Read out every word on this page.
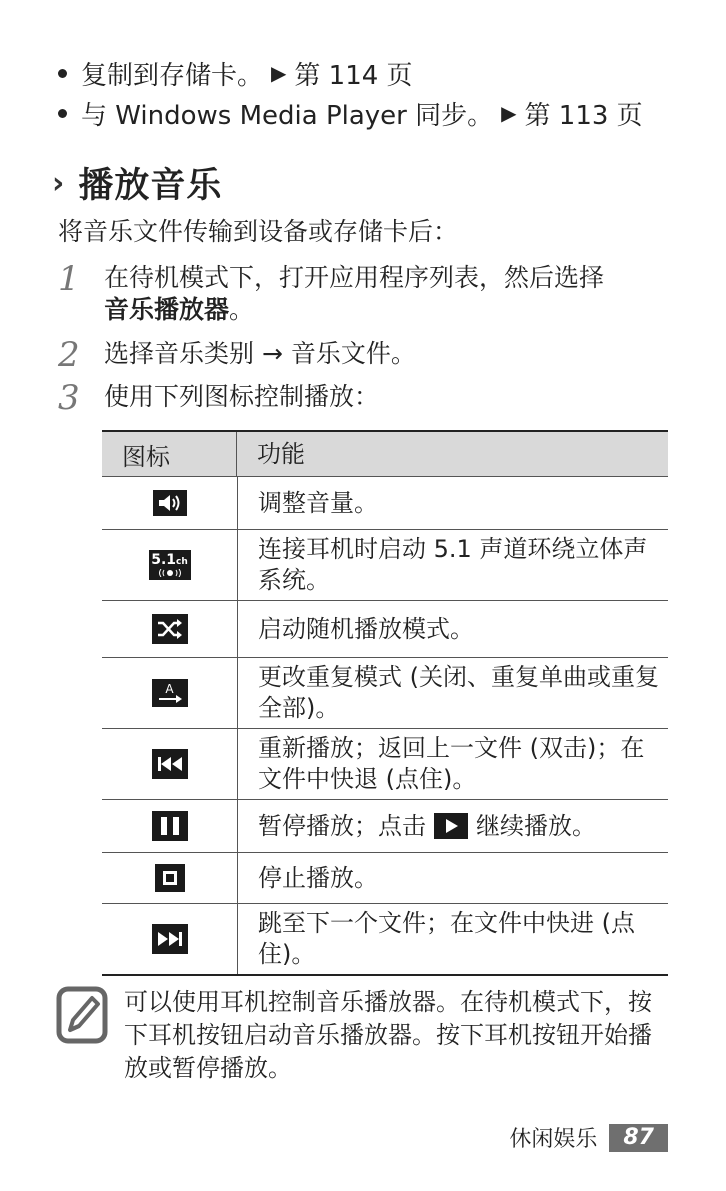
复制到存储卡。 ▶ 第 114 页
与 Windows Media Player 同步。 ▶ 第 113 页
› 播放音乐
将音乐文件传输到设备或存储卡后：
1 在待机模式下，打开应用程序列表，然后选择
音乐播放器。
2 选择音乐类别 → 音乐文件。
3 使用下列图标控制播放：
图标	功能
调整音量。
5.1ch	连接耳机时启动 5.1 声道环绕立体声系统。
启动随机播放模式。
A	更改重复模式 (关闭、重复单曲或重复全部)。
重新播放；返回上一文件 (双击)；在文件中快退 (点住)。
暂停播放；点击 继续播放。
停止播放。
跳至下一个文件；在文件中快进 (点住)。
可以使用耳机控制音乐播放器。在待机模式下，按下耳机按钮启动音乐播放器。按下耳机按钮开始播放或暂停播放。
休闲娱乐	87
